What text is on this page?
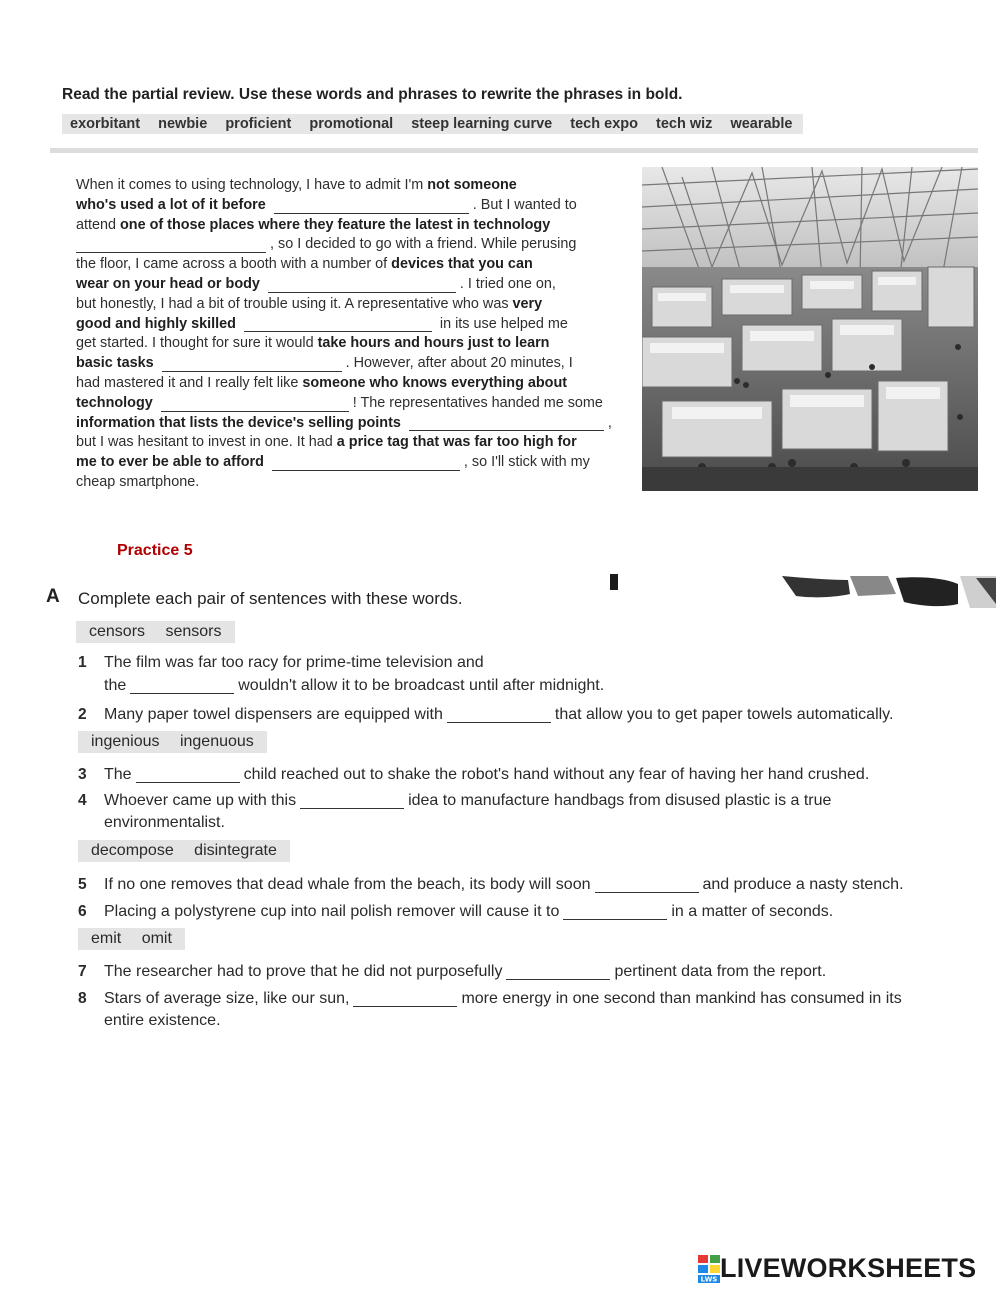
Read the partial review. Use these words and phrases to rewrite the phrases in bold.
exorbitant newbie proficient promotional steep learning curve tech expo tech wiz wearable
When it comes to using technology, I have to admit I'm not someone
who's used a lot of it before	. But I wanted to
attend one of those places where they feature the latest in technology
, so I decided to go with a friend. While perusing
the floor, I came across a booth with a number of devices that you can
wear on your head or body	. I tried one on,
but honestly, I had a bit of trouble using it. A representative who was very
good and highly skilled	in its use helped me
get started. I thought for sure it would take hours and hours just to learn
basic tasks	. However, after about 20 minutes, I
had mastered it and I really felt like someone who knows everything about
technology	! The representatives handed me some
information that lists the device's selling points	,
but I was hesitant to invest in one. It had a price tag that was far too high for
me to ever be able to afford	, so I'll stick with my
cheap smartphone.
Practice 5
A Complete each pair of sentences with these words.
censors sensors
1 The film was far too racy for prime-time television and
the	wouldn't allow it to be broadcast until after midnight.
2 Many paper towel dispensers are equipped with	that allow you to get paper towels automatically.
ingenious ingenuous
3 The	child reached out to shake the robot's hand without any fear of having her hand crushed.
4 Whoever came up with this	idea to manufacture handbags from disused plastic is a true
environmentalist.
decompose disintegrate
5 If no one removes that dead whale from the beach, its body will soon	and produce a nasty stench.
6 Placing a polystyrene cup into nail polish remover will cause it to	in a matter of seconds.
emit omit
7 The researcher had to prove that he did not purposefully	pertinent data from the report.
8 Stars of average size, like our sun,	more energy in one second than mankind has consumed in its
entire existence.
LWS LIVEWORKSHEETS
